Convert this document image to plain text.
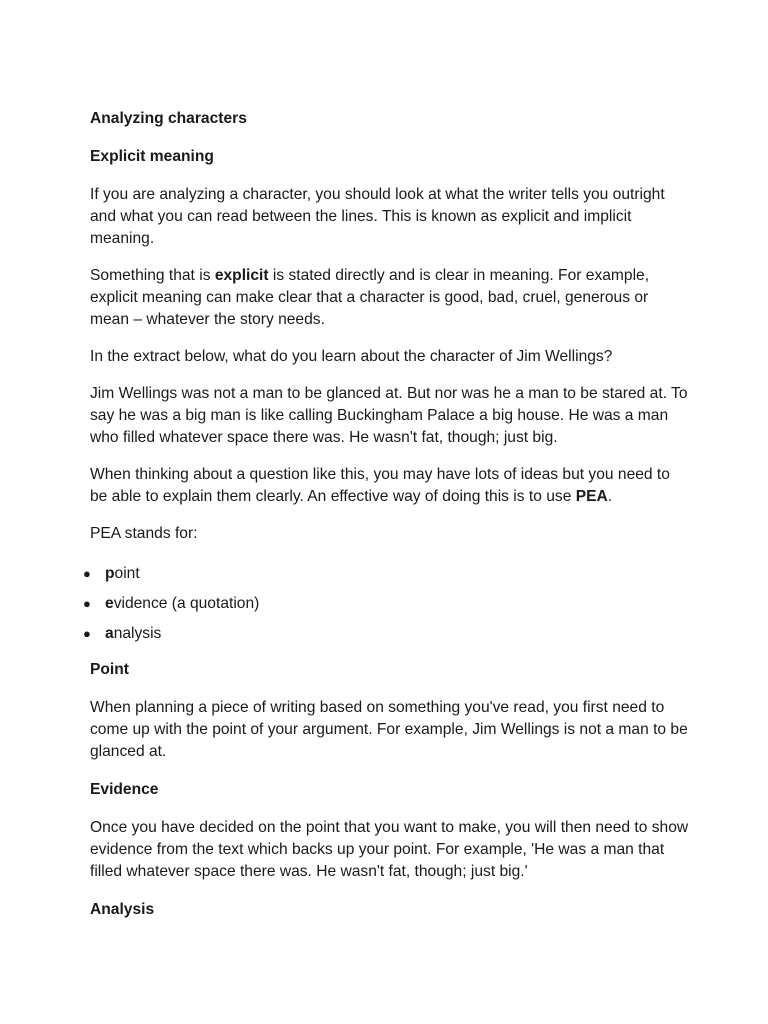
Analyzing characters

Explicit meaning

If you are analyzing a character, you should look at what the writer tells you outright and what you can read between the lines. This is known as explicit and implicit meaning.

Something that is explicit is stated directly and is clear in meaning. For example, explicit meaning can make clear that a character is good, bad, cruel, generous or mean – whatever the story needs.

In the extract below, what do you learn about the character of Jim Wellings?

Jim Wellings was not a man to be glanced at. But nor was he a man to be stared at. To say he was a big man is like calling Buckingham Palace a big house. He was a man who filled whatever space there was. He wasn't fat, though; just big.

When thinking about a question like this, you may have lots of ideas but you need to be able to explain them clearly. An effective way of doing this is to use PEA.

PEA stands for:

● point
● evidence (a quotation)
● analysis

Point

When planning a piece of writing based on something you've read, you first need to come up with the point of your argument. For example, Jim Wellings is not a man to be glanced at.

Evidence

Once you have decided on the point that you want to make, you will then need to show evidence from the text which backs up your point. For example, 'He was a man that filled whatever space there was. He wasn't fat, though; just big.'

Analysis
